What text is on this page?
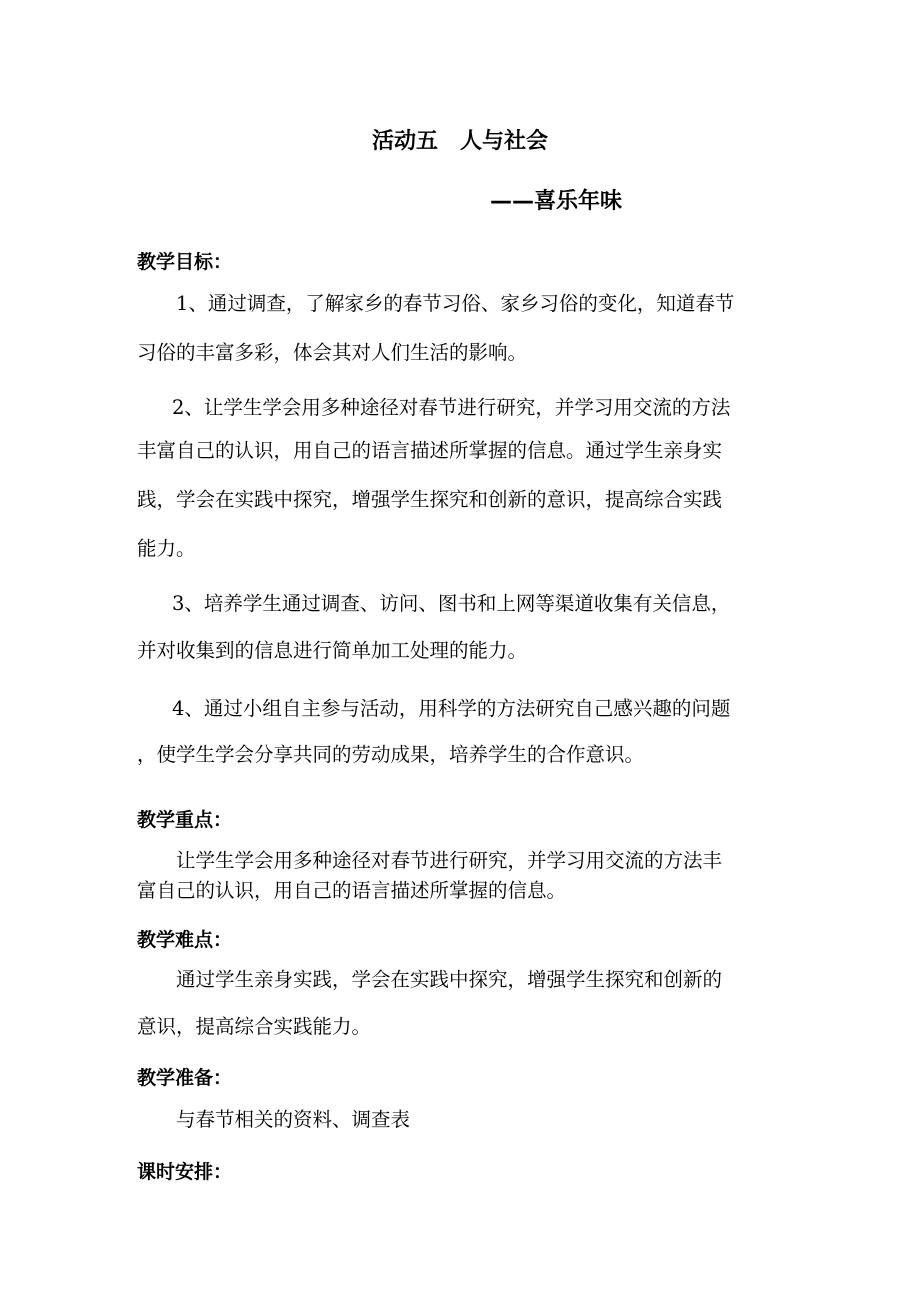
活动五　人与社会
——喜乐年味
教学目标：
1、通过调查，了解家乡的春节习俗、家乡习俗的变化，知道春节
习俗的丰富多彩，体会其对人们生活的影响。
2、让学生学会用多种途径对春节进行研究，并学习用交流的方法
丰富自己的认识，用自己的语言描述所掌握的信息。通过学生亲身实
践，学会在实践中探究，增强学生探究和创新的意识，提高综合实践
能力。
3、培养学生通过调查、访问、图书和上网等渠道收集有关信息，
并对收集到的信息进行简单加工处理的能力。
4、通过小组自主参与活动，用科学的方法研究自己感兴趣的问题
，使学生学会分享共同的劳动成果，培养学生的合作意识。
教学重点：
让学生学会用多种途径对春节进行研究，并学习用交流的方法丰
富自己的认识，用自己的语言描述所掌握的信息。
教学难点：
通过学生亲身实践，学会在实践中探究，增强学生探究和创新的
意识，提高综合实践能力。
教学准备：
与春节相关的资料、调查表
课时安排：
